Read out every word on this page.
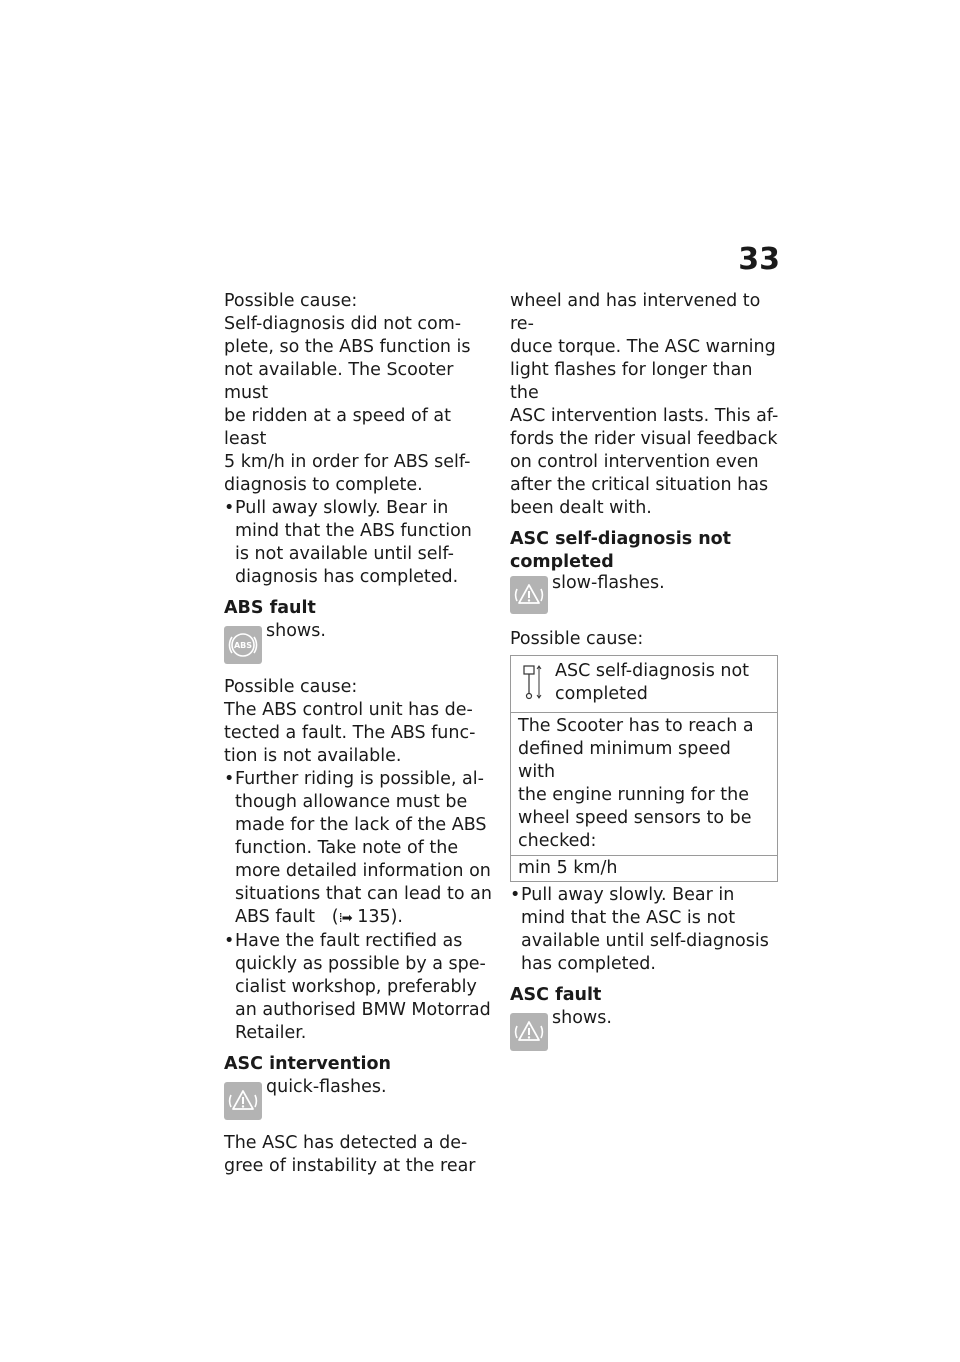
33

Possible cause:

Self-diagnosis did not com-

plete, so the ABS function is

not available. The Scooter must

be ridden at a speed of at least

5 km/h in order for ABS self-

diagnosis to complete.

• Pull away slowly. Bear in
mind that the ABS function
is not available until self-
diagnosis has completed.

ABS fault

ABS
shows.

Possible cause:

The ABS control unit has de-

tected a fault. The ABS func-

tion is not available.

• Further riding is possible, al-
though allowance must be
made for the lack of the ABS
function. Take note of the
more detailed information on
situations that can lead to an
ABS fault   (⁞➡ 135).
• Have the fault rectified as
quickly as possible by a spe-
cialist workshop, preferably
an authorised BMW Motorrad
Retailer.

ASC intervention

quick-flashes.

The ASC has detected a de-

gree of instability at the rear

wheel and has intervened to re-

duce torque. The ASC warning

light flashes for longer than the

ASC intervention lasts. This af-

fords the rider visual feedback

on control intervention even

after the critical situation has

been dealt with.

ASC self-diagnosis not

completed

slow-flashes.

Possible cause:

ASC self-diagnosis not
completed

The Scooter has to reach a
defined minimum speed with
the engine running for the
wheel speed sensors to be
checked:

min 5 km/h
• Pull away slowly. Bear in
mind that the ASC is not
available until self-diagnosis
has completed.

ASC fault

shows.
